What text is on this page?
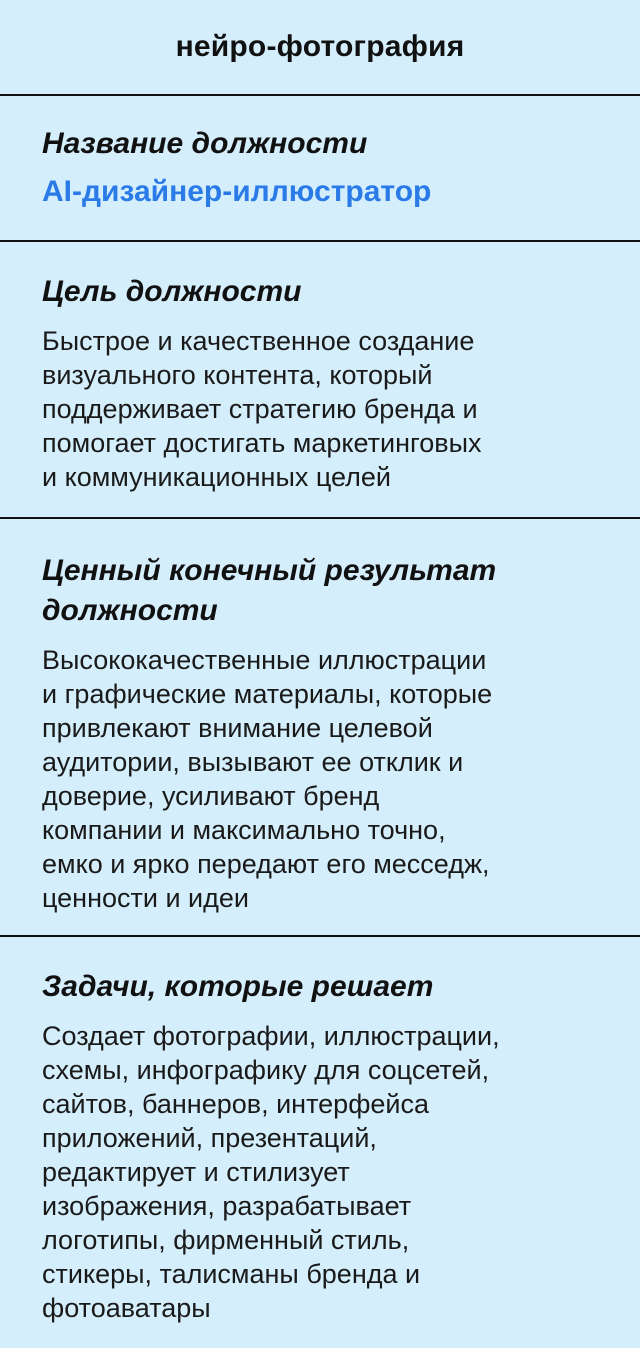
нейро-фотография
Название должности
AI-дизайнер-иллюстратор
Цель должности
Быстрое и качественное создание
визуального контента, который
поддерживает стратегию бренда и
помогает достигать маркетинговых
и коммуникационных целей
Ценный конечный результат
должности
Высококачественные иллюстрации
и графические материалы, которые
привлекают внимание целевой
аудитории, вызывают ее отклик и
доверие, усиливают бренд
компании и максимально точно,
емко и ярко передают его месседж,
ценности и идеи
Задачи, которые решает
Создает фотографии, иллюстрации,
схемы, инфографику для соцсетей,
сайтов, баннеров, интерфейса
приложений, презентаций,
редактирует и стилизует
изображения, разрабатывает
логотипы, фирменный стиль,
стикеры, талисманы бренда и
фотоаватары
